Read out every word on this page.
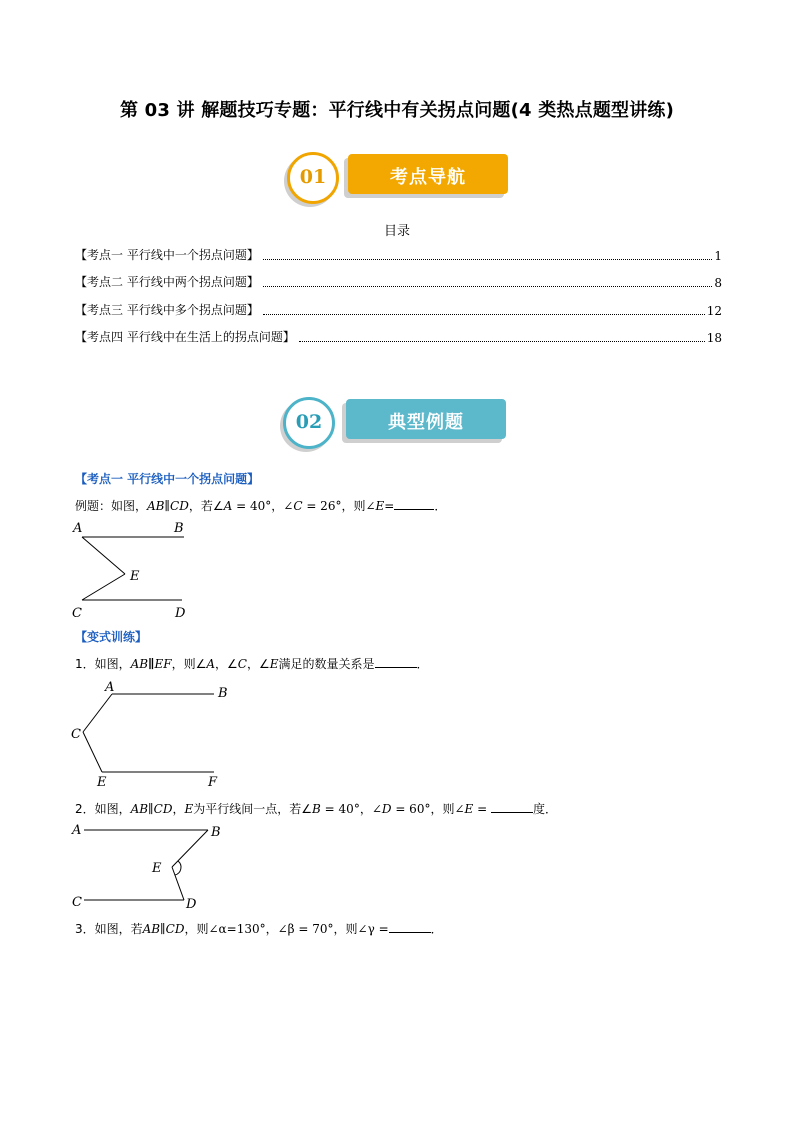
第 03 讲 解题技巧专题：平行线中有关拐点问题(4 类热点题型讲练)
01	考点导航
目录
【考点一 平行线中一个拐点问题】	1
【考点二 平行线中两个拐点问题】	8
【考点三 平行线中多个拐点问题】	12
【考点四 平行线中在生活上的拐点问题】	18
02	典型例题
【考点一 平行线中一个拐点问题】
例题：如图，AB∥CD，若∠A = 40°，∠C = 26°，则∠E=	．
A	B
E
C	D
【变式训练】
1．如图，AB∥EF，则∠A，∠C，∠E满足的数量关系是	．
A	B
C
E	F
2．如图，AB∥CD，E为平行线间一点，若∠B = 40°，∠D = 60°，则∠E =	度．
A	B
E
C	D
3．如图，若AB∥CD，则∠α=130°，∠β = 70°，则∠γ =	．
